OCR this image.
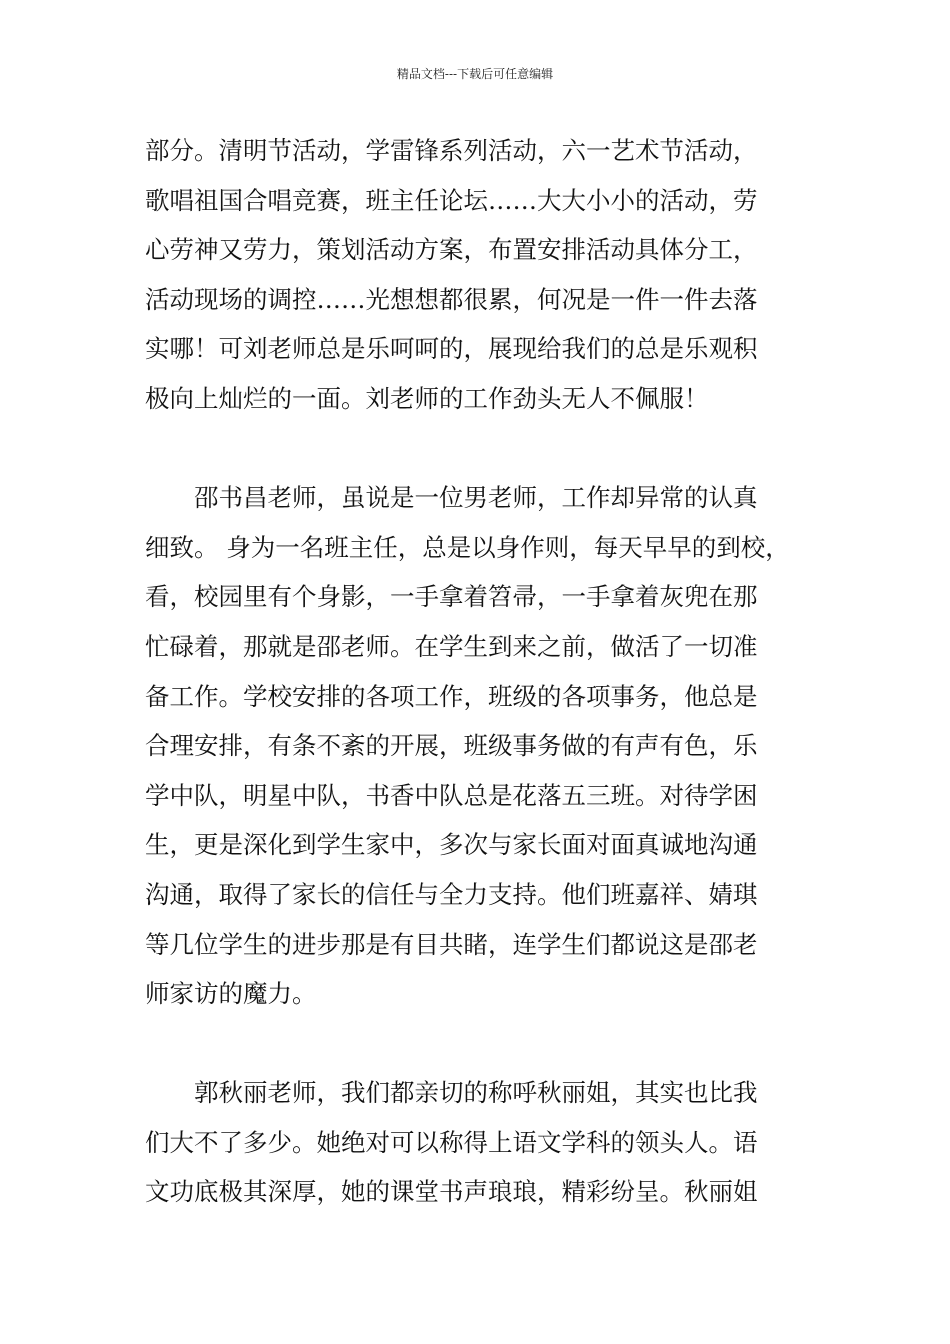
精品文档---下载后可任意编辑
部分。清明节活动，学雷锋系列活动，六一艺术节活动，
歌唱祖国合唱竞赛，班主任论坛……大大小小的活动，劳
心劳神又劳力，策划活动方案，布置安排活动具体分工，
活动现场的调控……光想想都很累，何况是一件一件去落
实哪！可刘老师总是乐呵呵的，展现给我们的总是乐观积
极向上灿烂的一面。刘老师的工作劲头无人不佩服！
　　邵书昌老师，虽说是一位男老师，工作却异常的认真
细致。 身为一名班主任，总是以身作则，每天早早的到校，
看，校园里有个身影，一手拿着笤帚，一手拿着灰兜在那
忙碌着，那就是邵老师。在学生到来之前，做活了一切准
备工作。学校安排的各项工作，班级的各项事务，他总是
合理安排，有条不紊的开展，班级事务做的有声有色，乐
学中队，明星中队，书香中队总是花落五三班。对待学困
生，更是深化到学生家中，多次与家长面对面真诚地沟通
沟通，取得了家长的信任与全力支持。他们班嘉祥、婧琪
等几位学生的进步那是有目共睹，连学生们都说这是邵老
师家访的魔力。
　　郭秋丽老师，我们都亲切的称呼秋丽姐，其实也比我
们大不了多少。她绝对可以称得上语文学科的领头人。语
文功底极其深厚，她的课堂书声琅琅，精彩纷呈。秋丽姐
